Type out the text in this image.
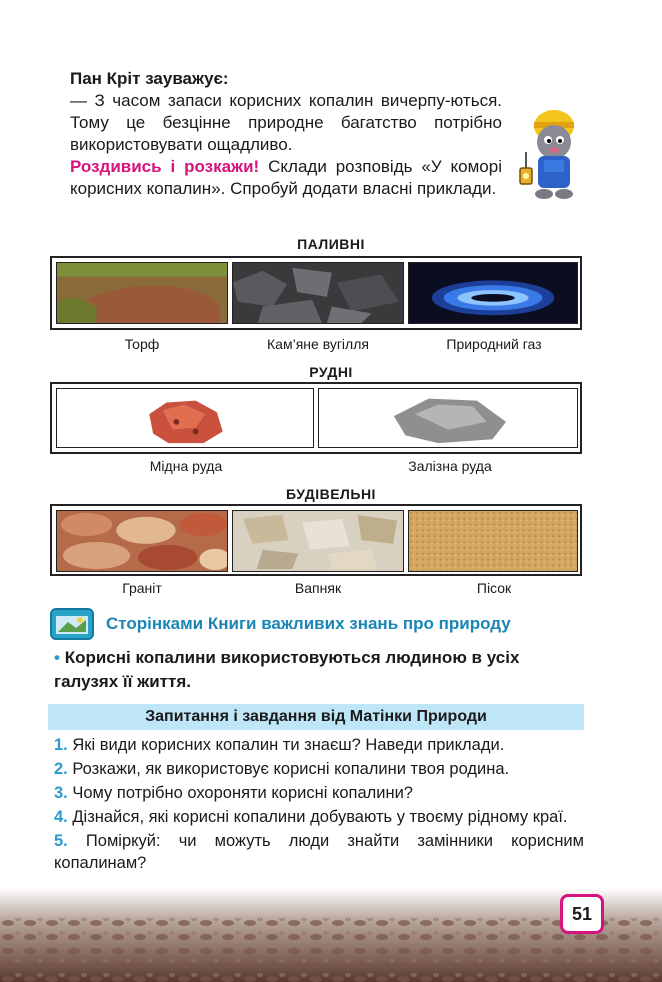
Пан Кріт зауважує:

— З часом запаси корисних копалин вичерпу-ються. Тому це безцінне природне багатство потрібно використовувати ощадливо.

Роздивись і розкажи! Склади розповідь «У коморі корисних копалин». Спробуй додати власні приклади.

ПАЛИВНІ
Торф	Кам’яне вугілля	Природний газ
РУДНІ
Мідна руда	Залізна руда
БУДІВЕЛЬНІ
Граніт	Вапняк	Пісок
Сторінками Книги важливих знань про природу
• Корисні копалини використовуються людиною в усіх галузях її життя.
Запитання і завдання від Матінки Природи

1. Які види корисних копалин ти знаєш? Наведи приклади.

2. Розкажи, як використовує корисні копалини твоя родина.

3. Чому потрібно охороняти корисні копалини?

4. Дізнайся, які корисні копалини добувають у твоєму рідному краї.

5. Поміркуй: чи можуть люди знайти замінники корисним копалинам?

51
